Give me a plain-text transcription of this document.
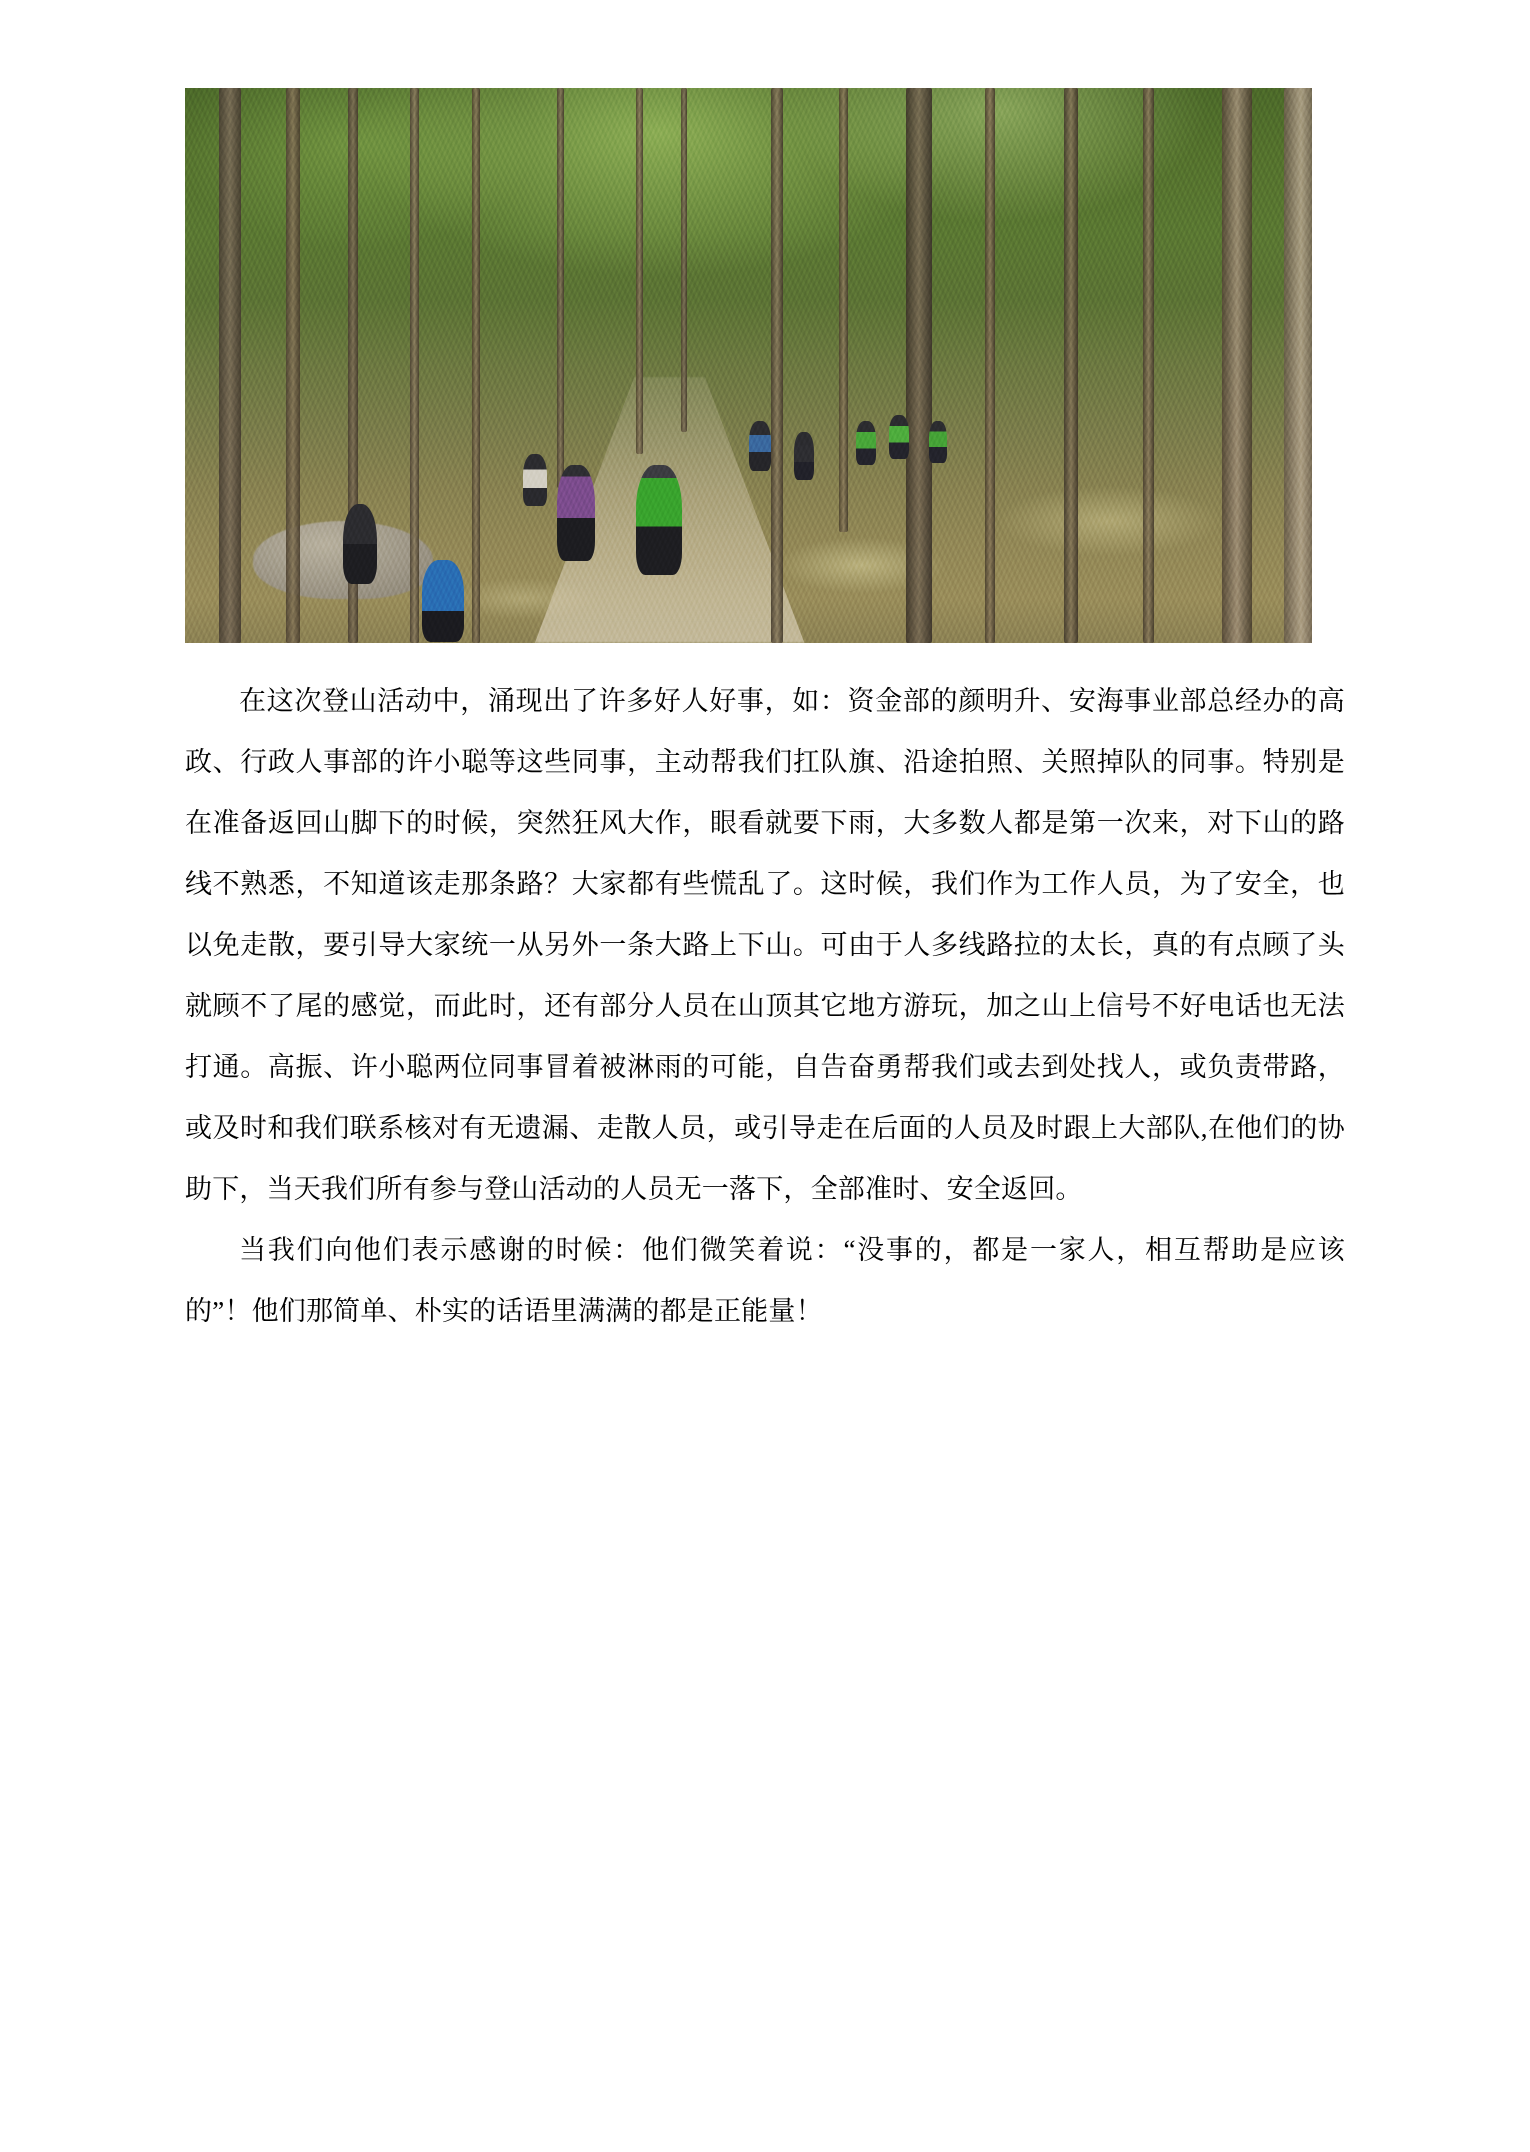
在这次登山活动中，涌现出了许多好人好事，如：资金部的颜明升、安海事业部总经办的高政、行政人事部的许小聪等这些同事，主动帮我们扛队旗、沿途拍照、关照掉队的同事。特别是在准备返回山脚下的时候，突然狂风大作，眼看就要下雨，大多数人都是第一次来，对下山的路线不熟悉，不知道该走那条路？大家都有些慌乱了。这时候，我们作为工作人员，为了安全，也以免走散，要引导大家统一从另外一条大路上下山。可由于人多线路拉的太长，真的有点顾了头就顾不了尾的感觉，而此时，还有部分人员在山顶其它地方游玩，加之山上信号不好电话也无法打通。高振、许小聪两位同事冒着被淋雨的可能，自告奋勇帮我们或去到处找人，或负责带路，或及时和我们联系核对有无遗漏、走散人员，或引导走在后面的人员及时跟上大部队,在他们的协助下，当天我们所有参与登山活动的人员无一落下，全部准时、安全返回。

当我们向他们表示感谢的时候：他们微笑着说：“没事的，都是一家人，相互帮助是应该的”！他们那简单、朴实的话语里满满的都是正能量！
